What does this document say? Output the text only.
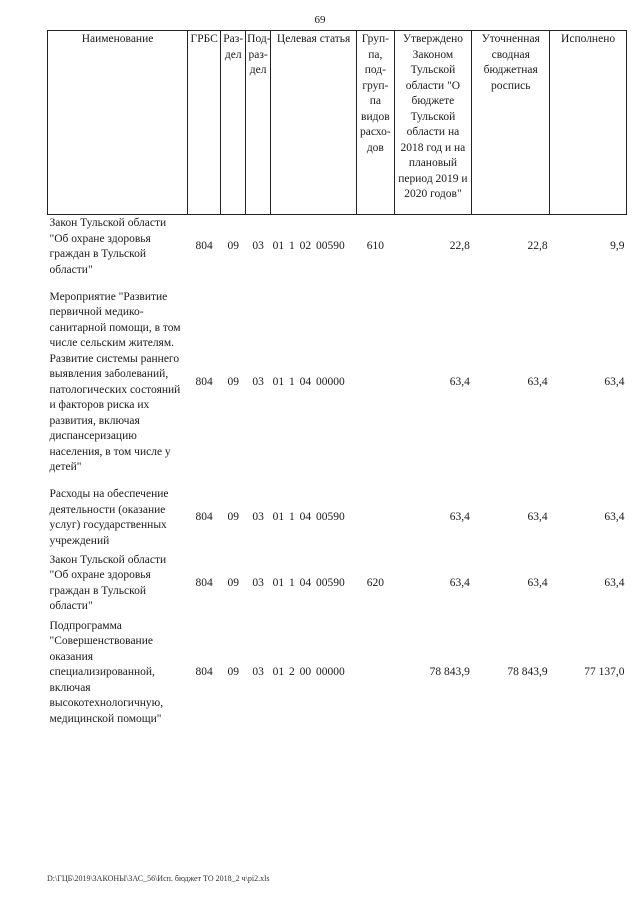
69
Наименование	ГРБС	Раз-дел	Под-раз-дел	Целевая статья	Груп-па, под-груп-па видов расхо-дов	Утверждено Законом Тульской области "О бюджете Тульской области на 2018 год и на плановый период 2019 и 2020 годов"	Уточненная сводная бюджетная роспись	Исполнено
Закон Тульской области "Об охране здоровья граждан в Тульской области"	804	09	03	01 1 02 00590	610	22,8	22,8	9,9
Мероприятие "Развитие первичной медико-санитарной помощи, в том числе сельским жителям. Развитие системы раннего выявления заболеваний, патологических состояний и факторов риска их развития, включая диспансеризацию населения, в том числе у детей"	804	09	03	01 1 04 00000		63,4	63,4	63,4
Расходы на обеспечение деятельности (оказание услуг) государственных учреждений	804	09	03	01 1 04 00590		63,4	63,4	63,4
Закон Тульской области "Об охране здоровья граждан в Тульской области"	804	09	03	01 1 04 00590	620	63,4	63,4	63,4
Подпрограмма "Совершенствование оказания специализированной, включая высокотехнологичную, медицинской помощи"	804	09	03	01 2 00 00000		78 843,9	78 843,9	77 137,0
D:\ГЦБ\2019\ЗАКОНЫ\ЗАС_56\Исп. бюджет ТО 2018_2 ч\рі2.xls
